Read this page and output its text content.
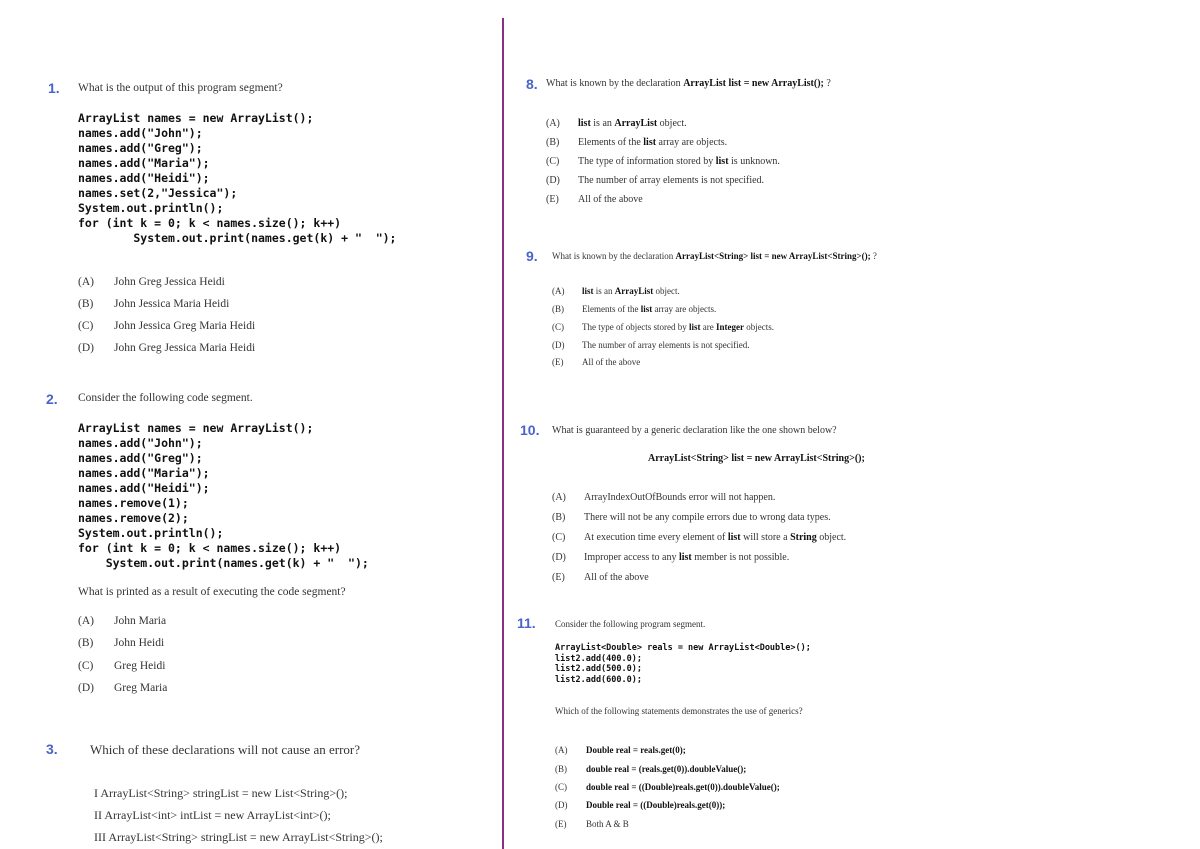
1. What is the output of this program segment?
ArrayList names = new ArrayList();
names.add("John");
names.add("Greg");
names.add("Maria");
names.add("Heidi");
names.set(2,"Jessica");
System.out.println();
for (int k = 0; k < names.size(); k++)
System.out.print(names.get(k) + "  ");
(A) John Greg Jessica Heidi
(B) John Jessica Maria Heidi
(C) John Jessica Greg Maria Heidi
(D) John Greg Jessica Maria Heidi
2. Consider the following code segment.
ArrayList names = new ArrayList();
names.add("John");
names.add("Greg");
names.add("Maria");
names.add("Heidi");
names.remove(1);
names.remove(2);
System.out.println();
for (int k = 0; k < names.size(); k++)
System.out.print(names.get(k) + "  ");
What is printed as a result of executing the code segment?
(A) John Maria
(B) John Heidi
(C) Greg Heidi
(D) Greg Maria
3. Which of these declarations will not cause an error?
I ArrayList<String> stringList = new List<String>();
II ArrayList<int> intList = new ArrayList<int>();
III ArrayList<String> stringList = new ArrayList<String>();
8. What is known by the declaration ArrayList list = new ArrayList(); ?
(A) list is an ArrayList object.
(B) Elements of the list array are objects.
(C) The type of information stored by list is unknown.
(D) The number of array elements is not specified.
(E) All of the above
9. What is known by the declaration ArrayList<String> list = new ArrayList<String>(); ?
(A) list is an ArrayList object.
(B) Elements of the list array are objects.
(C) The type of objects stored by list are Integer objects.
(D) The number of array elements is not specified.
(E) All of the above
10. What is guaranteed by a generic declaration like the one shown below?
ArrayList<String> list = new ArrayList<String>();
(A) ArrayIndexOutOfBounds error will not happen.
(B) There will not be any compile errors due to wrong data types.
(C) At execution time every element of list will store a String object.
(D) Improper access to any list member is not possible.
(E) All of the above
11. Consider the following program segment.
ArrayList<Double> reals = new ArrayList<Double>();
list2.add(400.0);
list2.add(500.0);
list2.add(600.0);
Which of the following statements demonstrates the use of generics?
(A) Double real = reals.get(0);
(B) double real = (reals.get(0)).doubleValue();
(C) double real = ((Double)reals.get(0)).doubleValue();
(D) Double real = ((Double)reals.get(0));
(E) Both A & B
